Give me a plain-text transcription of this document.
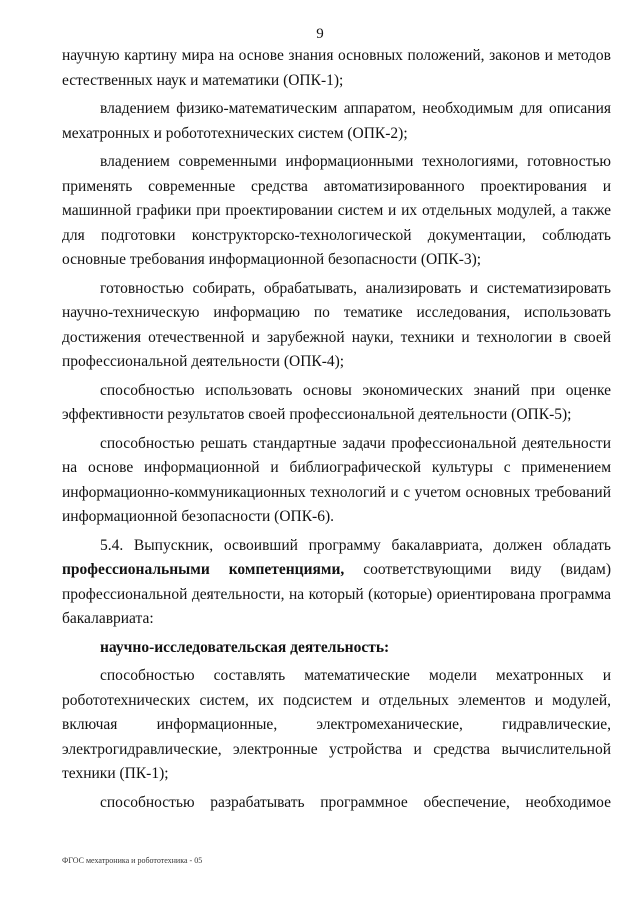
9

научную картину мира на основе знания основных положений, законов и методов естественных наук и математики (ОПК-1);

владением физико-математическим аппаратом, необходимым для описания мехатронных и робототехнических систем (ОПК-2);

владением современными информационными технологиями, готовностью применять современные средства автоматизированного проектирования и машинной графики при проектировании систем и их отдельных модулей, а также для подготовки конструкторско-технологической документации, соблюдать основные требования информационной безопасности (ОПК-3);

готовностью собирать, обрабатывать, анализировать и систематизировать научно-техническую информацию по тематике исследования, использовать достижения отечественной и зарубежной науки, техники и технологии в своей профессиональной деятельности (ОПК-4);

способностью использовать основы экономических знаний при оценке эффективности результатов своей профессиональной деятельности (ОПК-5);

способностью решать стандартные задачи профессиональной деятельности на основе информационной и библиографической культуры с применением информационно-коммуникационных технологий и с учетом основных требований информационной безопасности (ОПК-6).

5.4. Выпускник, освоивший программу бакалавриата, должен обладать профессиональными компетенциями, соответствующими виду (видам) профессиональной деятельности, на который (которые) ориентирована программа бакалавриата:

научно-исследовательская деятельность:

способностью составлять математические модели мехатронных и робототехнических систем, их подсистем и отдельных элементов и модулей, включая информационные, электромеханические, гидравлические, электрогидравлические, электронные устройства и средства вычислительной техники (ПК-1);

способностью разрабатывать программное обеспечение, необходимое

ФГОС мехатроника и робототехника - 05
